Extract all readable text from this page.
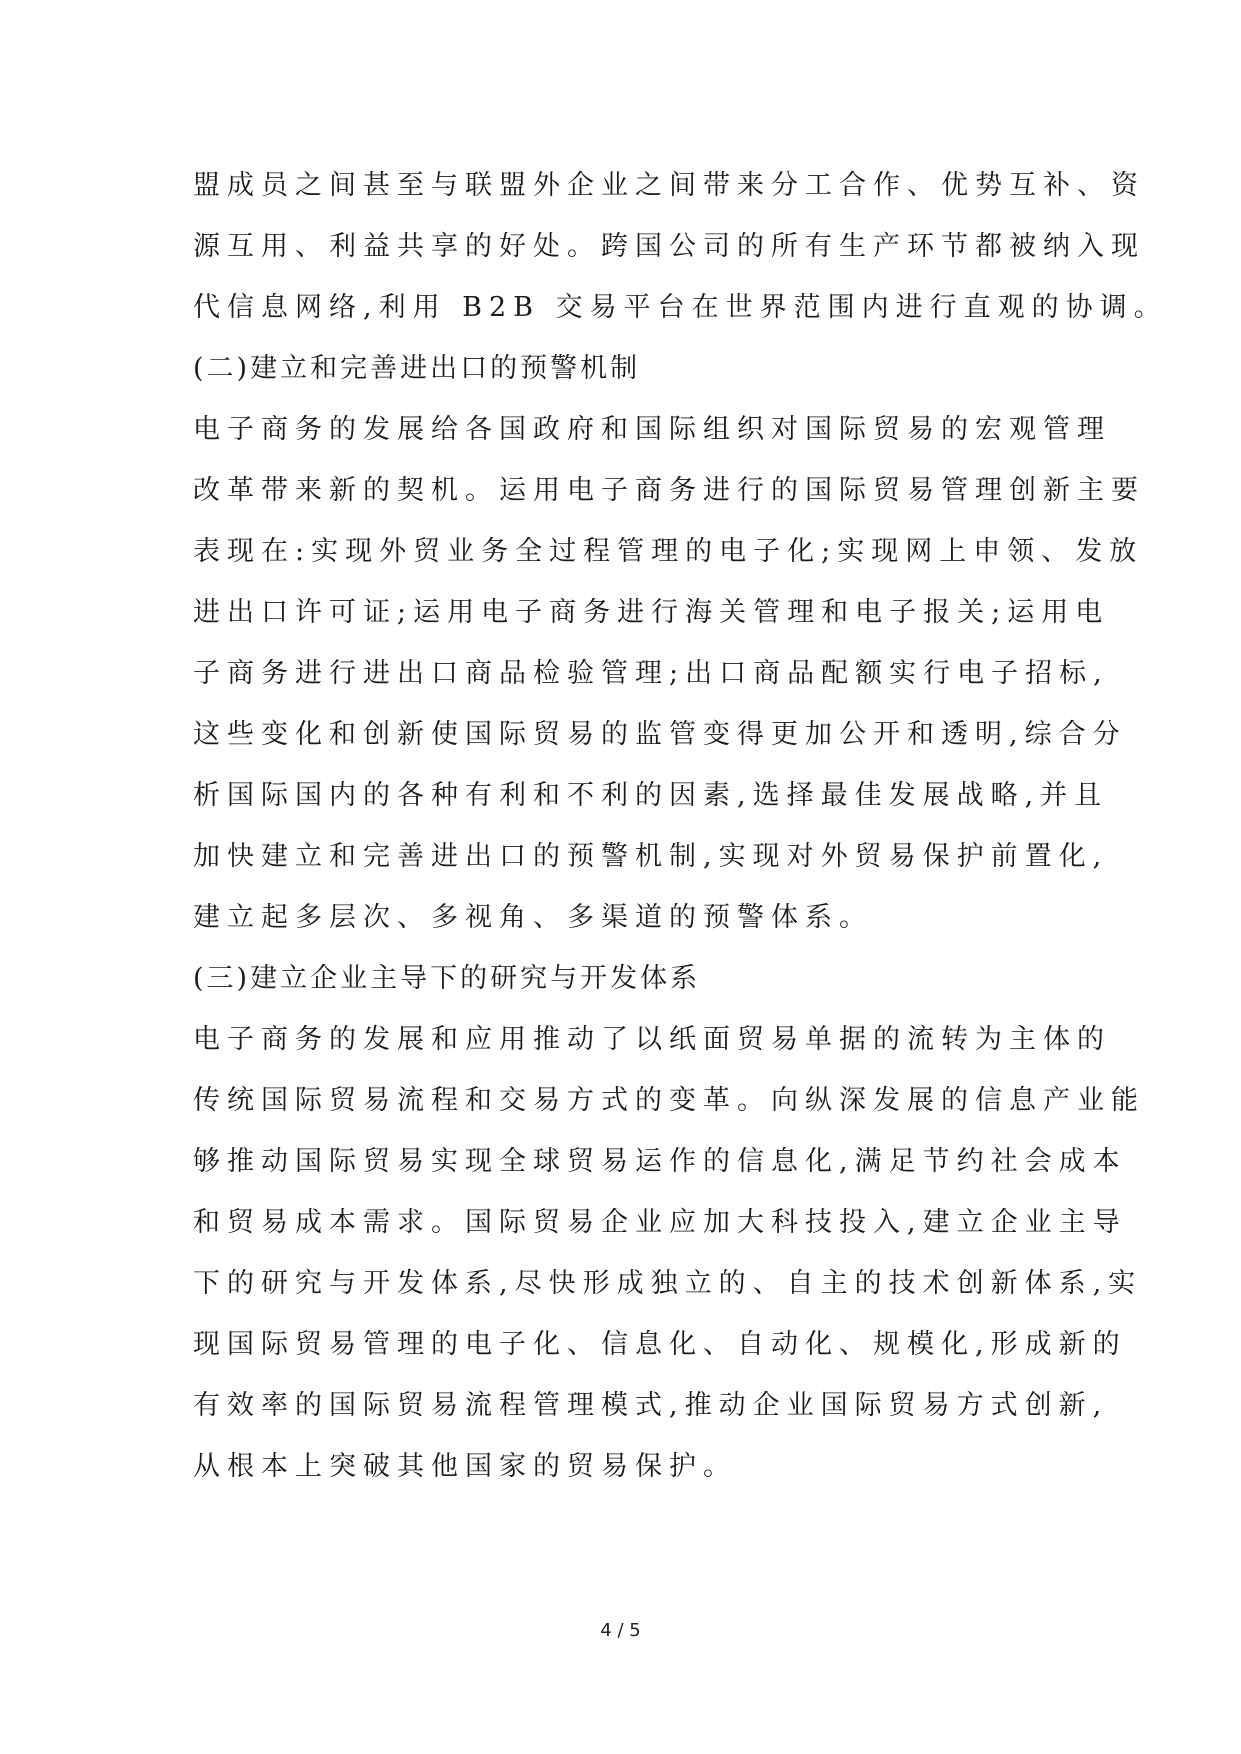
盟成员之间甚至与联盟外企业之间带来分工合作、优势互补、资
源互用、利益共享的好处。跨国公司的所有生产环节都被纳入现
代信息网络,利用 B2B 交易平台在世界范围内进行直观的协调。
(二)建立和完善进出口的预警机制
电子商务的发展给各国政府和国际组织对国际贸易的宏观管理
改革带来新的契机。运用电子商务进行的国际贸易管理创新主要
表现在:实现外贸业务全过程管理的电子化;实现网上申领、发放
进出口许可证;运用电子商务进行海关管理和电子报关;运用电
子商务进行进出口商品检验管理;出口商品配额实行电子招标,
这些变化和创新使国际贸易的监管变得更加公开和透明,综合分
析国际国内的各种有利和不利的因素,选择最佳发展战略,并且
加快建立和完善进出口的预警机制,实现对外贸易保护前置化,
建立起多层次、多视角、多渠道的预警体系。
(三)建立企业主导下的研究与开发体系
电子商务的发展和应用推动了以纸面贸易单据的流转为主体的
传统国际贸易流程和交易方式的变革。向纵深发展的信息产业能
够推动国际贸易实现全球贸易运作的信息化,满足节约社会成本
和贸易成本需求。国际贸易企业应加大科技投入,建立企业主导
下的研究与开发体系,尽快形成独立的、自主的技术创新体系,实
现国际贸易管理的电子化、信息化、自动化、规模化,形成新的
有效率的国际贸易流程管理模式,推动企业国际贸易方式创新,
从根本上突破其他国家的贸易保护。
4 / 5
